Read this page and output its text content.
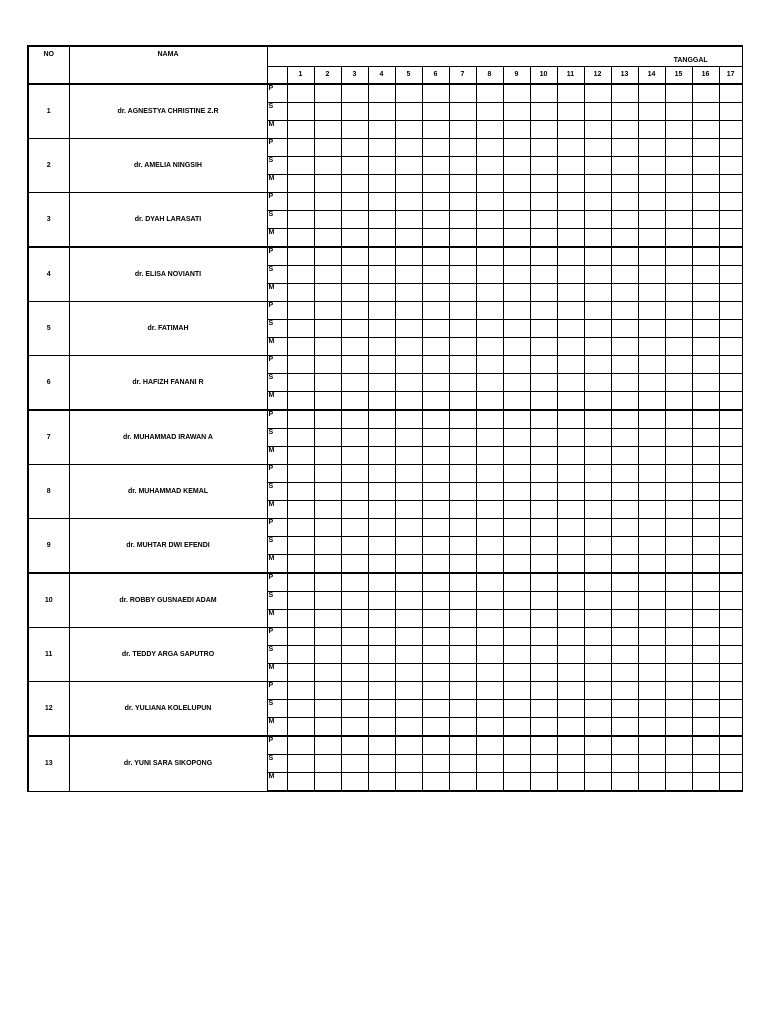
NO	NAMA	TANGGAL																	
			1	2	3	4	5	6	7	8	9	10	11	12	13	14	15	16	17
1	dr. AGNESTYA CHRISTINE Z.R	P																	
		S																	
		M																	
2	dr. AMELIA NINGSIH	P																	
		S																	
		M																	
3	dr. DYAH LARASATI	P																	
		S																	
		M																	
4	dr. ELISA NOVIANTI	P																	
		S																	
		M																	
5	dr. FATIMAH	P																	
		S																	
		M																	
6	dr. HAFIZH FANANI R	P																	
		S																	
		M																	
7	dr. MUHAMMAD IRAWAN A	P																	
		S																	
		M																	
8	dr. MUHAMMAD KEMAL	P																	
		S																	
		M																	
9	dr. MUHTAR DWI EFENDI	P																	
		S																	
		M																	
10	dr. ROBBY GUSNAEDI ADAM	P																	
		S																	
		M																	
11	dr. TEDDY ARGA SAPUTRO	P																	
		S																	
		M																	
12	dr. YULIANA KOLELUPUN	P																	
		S																	
		M																	
13	dr. YUNI SARA SIKOPONG	P																	
		S																	
		M																	
